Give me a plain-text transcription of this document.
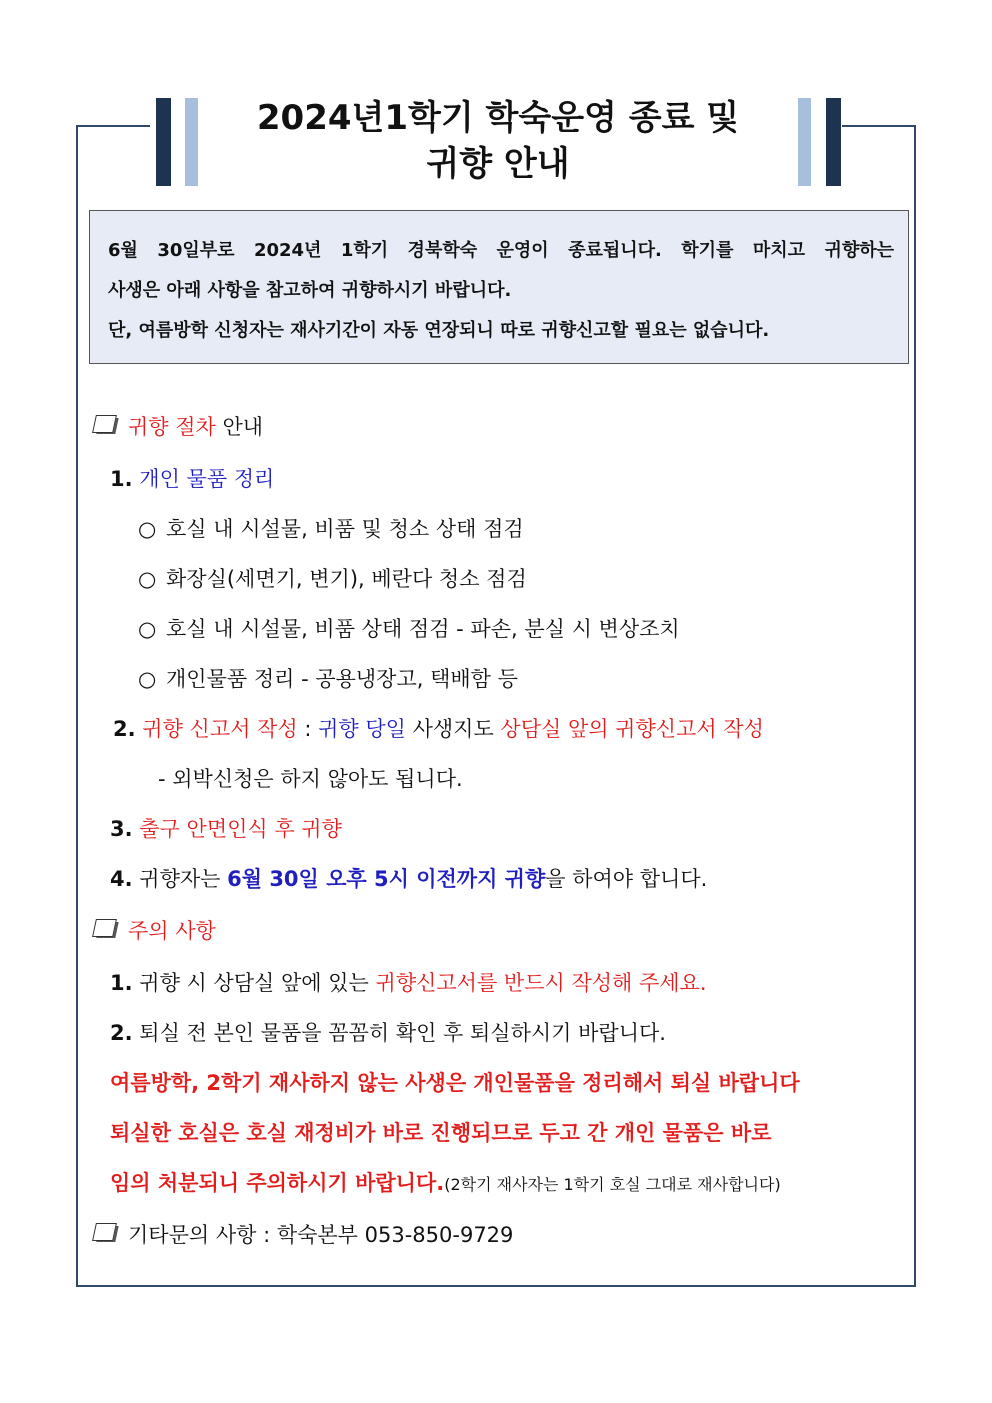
2024년1학기 학숙운영 종료 및
귀향 안내
6월 30일부로 2024년 1학기 경북학숙 운영이 종료됩니다. 학기를 마치고 귀향하는
사생은 아래 사항을 참고하여 귀향하시기 바랍니다.
단, 여름방학 신청자는 재사기간이 자동 연장되니 따로 귀향신고할 필요는 없습니다.
귀향 절차 안내
1. 개인 물품 정리
○ 호실 내 시설물, 비품 및 청소 상태 점검
○ 화장실(세면기, 변기), 베란다 청소 점검
○ 호실 내 시설물, 비품 상태 점검 - 파손, 분실 시 변상조치
○ 개인물품 정리 - 공용냉장고, 택배함 등
2. 귀향 신고서 작성 : 귀향 당일 사생지도 상담실 앞의 귀향신고서 작성
- 외박신청은 하지 않아도 됩니다.
3. 출구 안면인식 후 귀향
4. 귀향자는 6월 30일 오후 5시 이전까지 귀향을 하여야 합니다.
주의 사항
1. 귀향 시 상담실 앞에 있는 귀향신고서를 반드시 작성해 주세요.
2. 퇴실 전 본인 물품을 꼼꼼히 확인 후 퇴실하시기 바랍니다.
여름방학, 2학기 재사하지 않는 사생은 개인물품을 정리해서 퇴실 바랍니다
퇴실한 호실은 호실 재정비가 바로 진행되므로 두고 간 개인 물품은 바로
임의 처분되니 주의하시기 바랍니다.(2학기 재사자는 1학기 호실 그대로 재사합니다)
기타문의 사항 : 학숙본부 053-850-9729
